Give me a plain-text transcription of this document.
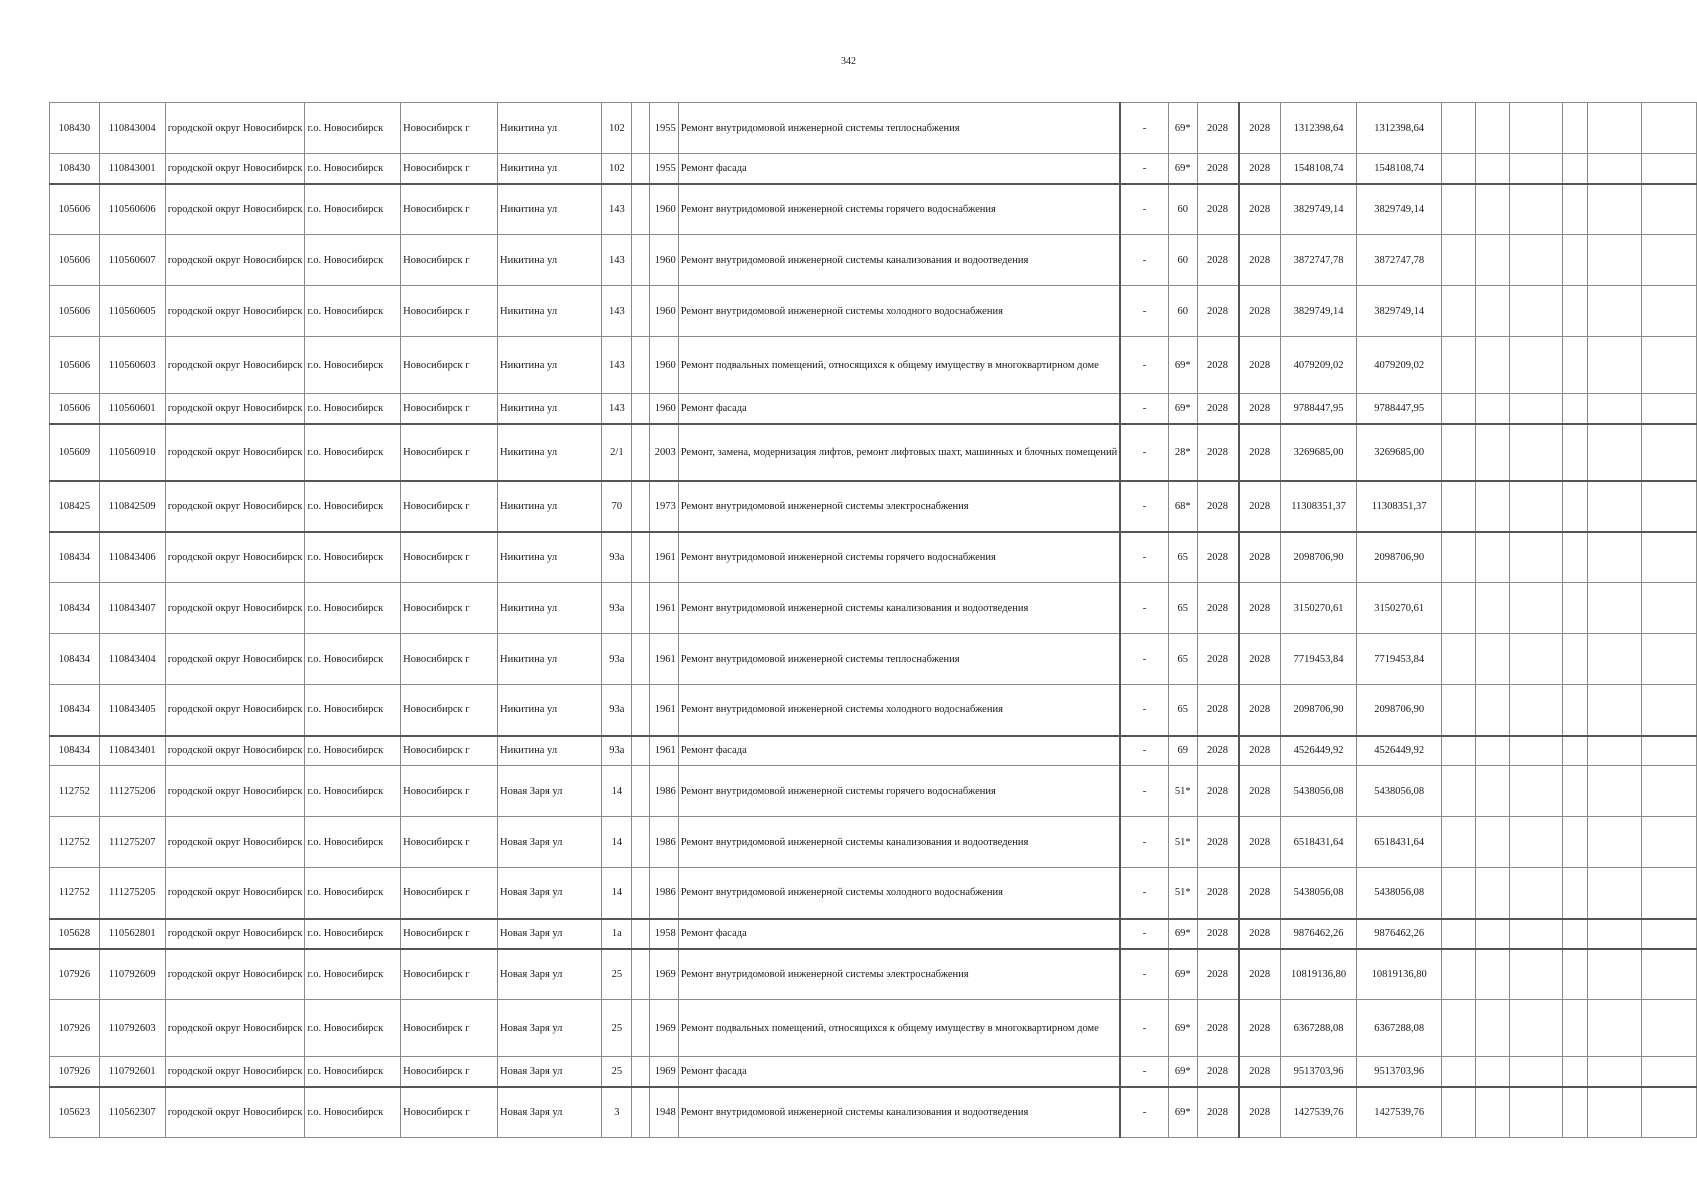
342
108430	110843004	городской округ Новосибирск	г.о. Новосибирск	Новосибирск г	Никитина ул	102		1955	Ремонт внутридомовой инженерной системы теплоснабжения	-	69*	2028	2028	1312398,64	1312398,64						
108430	110843001	городской округ Новосибирск	г.о. Новосибирск	Новосибирск г	Никитина ул	102		1955	Ремонт фасада	-	69*	2028	2028	1548108,74	1548108,74						
105606	110560606	городской округ Новосибирск	г.о. Новосибирск	Новосибирск г	Никитина ул	143		1960	Ремонт внутридомовой инженерной системы горячего водоснабжения	-	60	2028	2028	3829749,14	3829749,14						
105606	110560607	городской округ Новосибирск	г.о. Новосибирск	Новосибирск г	Никитина ул	143		1960	Ремонт внутридомовой инженерной системы канализования и водоотведения	-	60	2028	2028	3872747,78	3872747,78						
105606	110560605	городской округ Новосибирск	г.о. Новосибирск	Новосибирск г	Никитина ул	143		1960	Ремонт внутридомовой инженерной системы холодного водоснабжения	-	60	2028	2028	3829749,14	3829749,14						
105606	110560603	городской округ Новосибирск	г.о. Новосибирск	Новосибирск г	Никитина ул	143		1960	Ремонт подвальных помещений, относящихся к общему имуществу в многоквартирном доме	-	69*	2028	2028	4079209,02	4079209,02						
105606	110560601	городской округ Новосибирск	г.о. Новосибирск	Новосибирск г	Никитина ул	143		1960	Ремонт фасада	-	69*	2028	2028	9788447,95	9788447,95						
105609	110560910	городской округ Новосибирск	г.о. Новосибирск	Новосибирск г	Никитина ул	2/1		2003	Ремонт, замена, модернизация лифтов, ремонт лифтовых шахт, машинных и блочных помещений	-	28*	2028	2028	3269685,00	3269685,00						
108425	110842509	городской округ Новосибирск	г.о. Новосибирск	Новосибирск г	Никитина ул	70		1973	Ремонт внутридомовой инженерной системы электроснабжения	-	68*	2028	2028	11308351,37	11308351,37						
108434	110843406	городской округ Новосибирск	г.о. Новосибирск	Новосибирск г	Никитина ул	93а		1961	Ремонт внутридомовой инженерной системы горячего водоснабжения	-	65	2028	2028	2098706,90	2098706,90						
108434	110843407	городской округ Новосибирск	г.о. Новосибирск	Новосибирск г	Никитина ул	93а		1961	Ремонт внутридомовой инженерной системы канализования и водоотведения	-	65	2028	2028	3150270,61	3150270,61						
108434	110843404	городской округ Новосибирск	г.о. Новосибирск	Новосибирск г	Никитина ул	93а		1961	Ремонт внутридомовой инженерной системы теплоснабжения	-	65	2028	2028	7719453,84	7719453,84						
108434	110843405	городской округ Новосибирск	г.о. Новосибирск	Новосибирск г	Никитина ул	93а		1961	Ремонт внутридомовой инженерной системы холодного водоснабжения	-	65	2028	2028	2098706,90	2098706,90						
108434	110843401	городской округ Новосибирск	г.о. Новосибирск	Новосибирск г	Никитина ул	93а		1961	Ремонт фасада	-	69	2028	2028	4526449,92	4526449,92						
112752	111275206	городской округ Новосибирск	г.о. Новосибирск	Новосибирск г	Новая Заря ул	14		1986	Ремонт внутридомовой инженерной системы горячего водоснабжения	-	51*	2028	2028	5438056,08	5438056,08						
112752	111275207	городской округ Новосибирск	г.о. Новосибирск	Новосибирск г	Новая Заря ул	14		1986	Ремонт внутридомовой инженерной системы канализования и водоотведения	-	51*	2028	2028	6518431,64	6518431,64						
112752	111275205	городской округ Новосибирск	г.о. Новосибирск	Новосибирск г	Новая Заря ул	14		1986	Ремонт внутридомовой инженерной системы холодного водоснабжения	-	51*	2028	2028	5438056,08	5438056,08						
105628	110562801	городской округ Новосибирск	г.о. Новосибирск	Новосибирск г	Новая Заря ул	1а		1958	Ремонт фасада	-	69*	2028	2028	9876462,26	9876462,26						
107926	110792609	городской округ Новосибирск	г.о. Новосибирск	Новосибирск г	Новая Заря ул	25		1969	Ремонт внутридомовой инженерной системы электроснабжения	-	69*	2028	2028	10819136,80	10819136,80						
107926	110792603	городской округ Новосибирск	г.о. Новосибирск	Новосибирск г	Новая Заря ул	25		1969	Ремонт подвальных помещений, относящихся к общему имуществу в многоквартирном доме	-	69*	2028	2028	6367288,08	6367288,08						
107926	110792601	городской округ Новосибирск	г.о. Новосибирск	Новосибирск г	Новая Заря ул	25		1969	Ремонт фасада	-	69*	2028	2028	9513703,96	9513703,96						
105623	110562307	городской округ Новосибирск	г.о. Новосибирск	Новосибирск г	Новая Заря ул	3		1948	Ремонт внутридомовой инженерной системы канализования и водоотведения	-	69*	2028	2028	1427539,76	1427539,76						
